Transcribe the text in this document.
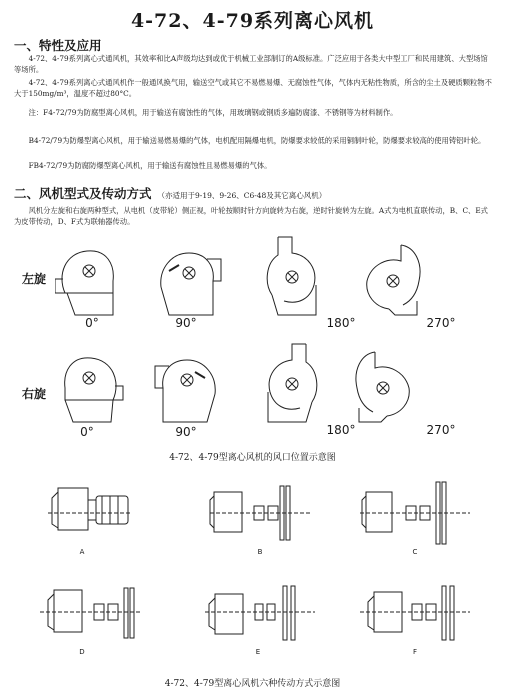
4-72、4-79系列离心风机
一、特性及应用
4-72、4-79系列离心式通风机，其效率和比A声级均达到或优于机械工业部制订的A级标准。广泛应用于各类大中型工厂和民用建筑、大型场馆等场所。
4-72、4-79系列离心式通风机作一般通风换气用，输送空气或其它不易燃易爆、无腐蚀性气体，气体内无粘性物质，所含的尘土及硬质颗粒物不大于150mg/m³，温度不超过80°C。
注：F4-72/79为防腐型离心风机，用于输送有腐蚀性的气体，用玻璃钢或钢质多遍防腐漆、不锈钢等为材料制作。
B4-72/79为防爆型离心风机，用于输送易燃易爆的气体，电机配用隔爆电机，防爆要求较低的采用铜制叶轮，防爆要求较高的使用铸铝叶轮。
FB4-72/79为防腐防爆型离心风机，用于输送有腐蚀性且易燃易爆的气体。
二、风机型式及传动方式 （亦适用于9-19、9-26、C6-48及其它离心风机）
风机分左旋和右旋两种型式，从电机（皮带轮）侧正视，叶轮按顺时针方向旋转为右旋，逆时针旋转为左旋。A式为电机直联传动，B、C、E式为皮带传动，D、F式为联轴器传动。
左旋
右旋
0°	90°	180°	270°
0°	90°	180°	270°
4-72、4-79型离心风机的风口位置示意图
A	B	C
D	E	F
4-72、4-79型离心风机六种传动方式示意图
